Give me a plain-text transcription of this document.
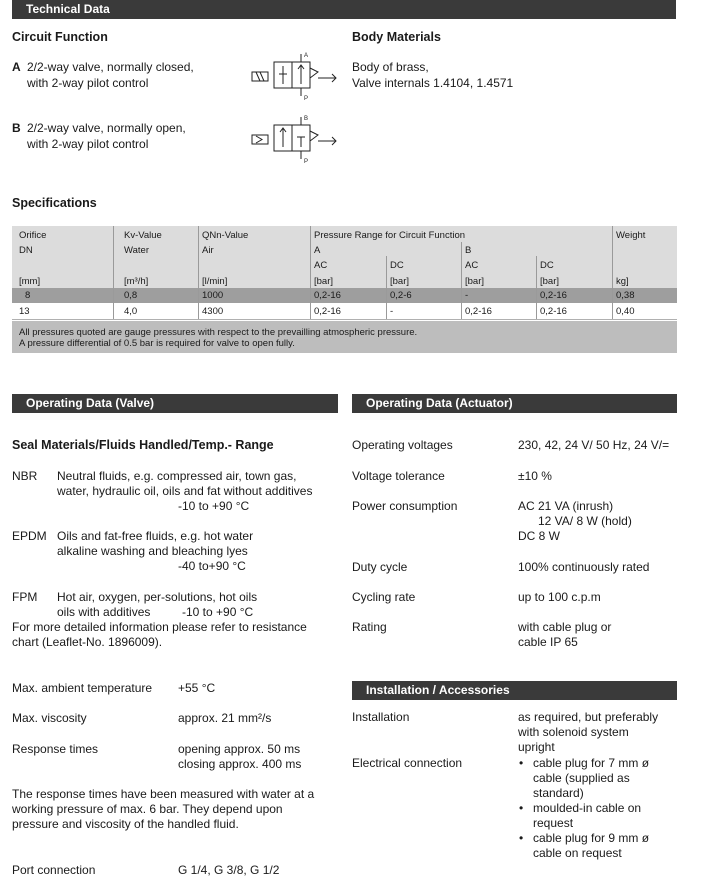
Technical Data
Circuit Function
A 2/2-way valve, normally closed,
with 2-way pilot control
A
P
B 2/2-way valve, normally open,
with 2-way pilot control
B
P
Body Materials
Body of brass,
Valve internals 1.4104, 1.4571
Specifications
Orifice
DN
[mm]
Kv-Value
Water
[m³/h]
QNn-Value
Air
[l/min]
Pressure Range for Circuit Function
A	B
AC	DC	AC	DC
[bar]	[bar]	[bar]	[bar]
Weight
kg]
8	0,8	1000	0,2-16	0,2-6	-	0,2-16	0,38
13	4,0	4300	0,2-16	-	0,2-16	0,2-16	0,40
All pressures quoted are gauge pressures with respect to the prevailling atmospheric pressure.
A pressure differential of 0.5 bar is required for valve to open fully.
Operating Data (Valve)
Seal Materials/Fluids Handled/Temp.- Range
NBR Neutral fluids, e.g. compressed air, town gas,
water, hydraulic oil, oils and fat without additives
-10 to +90 °C
EPDM Oils and fat-free fluids, e.g. hot water
alkaline washing and bleaching lyes
-40 to+90 °C
FPM Hot air, oxygen, per-solutions, hot oils
oils with additives	-10 to +90 °C
For more detailed information please refer to resistance
chart (Leaflet-No. 1896009).
Max. ambient temperature +55 °C
Max. viscosity	approx. 21 mm²/s
Response times	opening approx. 50 ms
closing approx. 400 ms
The response times have been measured with water at a
working pressure of max. 6 bar. They depend upon
pressure and viscosity of the handled fluid.
Port connection	G 1/4, G 3/8, G 1/2
Operating Data (Actuator)
Operating voltages	230, 42, 24 V/ 50 Hz, 24 V/=
Voltage tolerance	±10 %
Power consumption	AC 21 VA (inrush)
12 VA/ 8 W (hold)
DC 8 W
Duty cycle	100% continuously rated
Cycling rate	up to 100 c.p.m
Rating	with cable plug or
cable IP 65
Installation / Accessories
Installation	as required, but preferably
with solenoid system
upright
Electrical connection
•	cable plug for 7 mm ø
cable (supplied as
standard)
• moulded-in cable on
request
• cable plug for 9 mm ø
cable on request
